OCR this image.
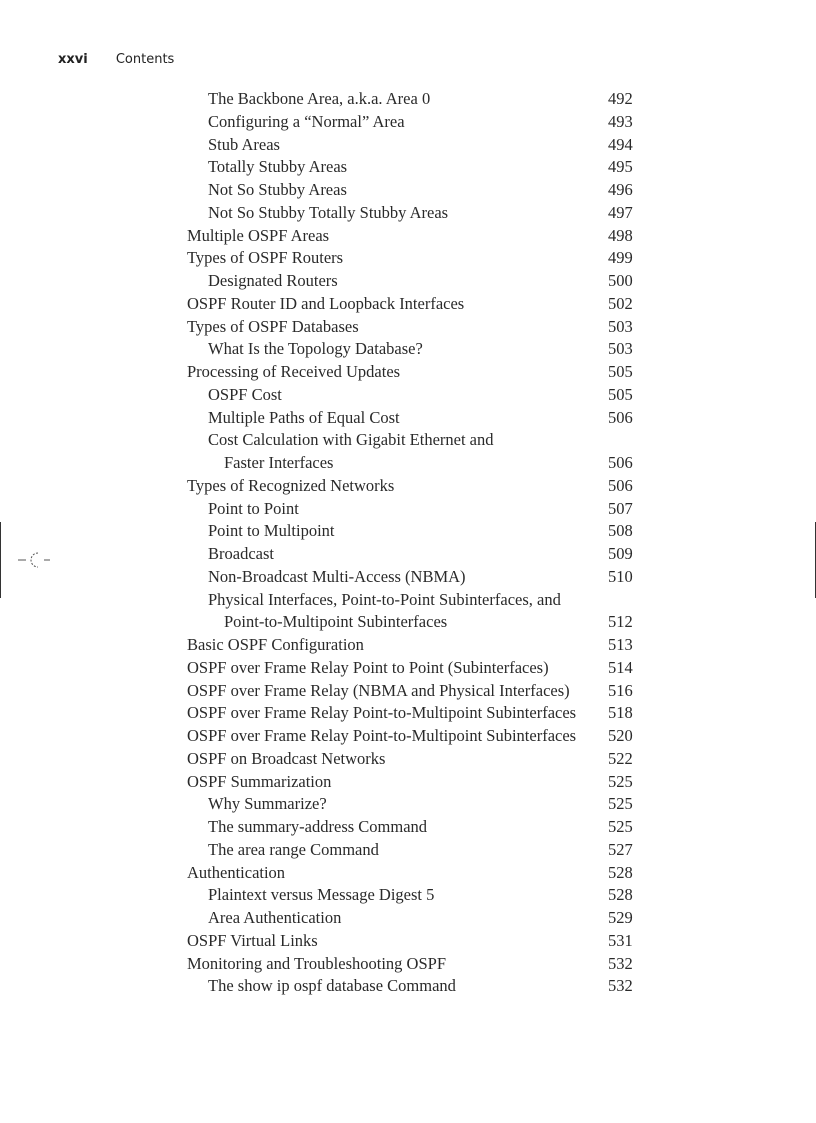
xxvi Contents
The Backbone Area, a.k.a. Area 0	492
Configuring a “Normal” Area	493
Stub Areas	494
Totally Stubby Areas	495
Not So Stubby Areas	496
Not So Stubby Totally Stubby Areas	497
Multiple OSPF Areas	498
Types of OSPF Routers	499
Designated Routers	500
OSPF Router ID and Loopback Interfaces	502
Types of OSPF Databases	503
What Is the Topology Database?	503
Processing of Received Updates	505
OSPF Cost	505
Multiple Paths of Equal Cost	506
Cost Calculation with Gigabit Ethernet and
Faster Interfaces	506
Types of Recognized Networks	506
Point to Point	507
Point to Multipoint	508
Broadcast	509
Non-Broadcast Multi-Access (NBMA)	510
Physical Interfaces, Point-to-Point Subinterfaces, and
Point-to-Multipoint Subinterfaces	512
Basic OSPF Configuration	513
OSPF over Frame Relay Point to Point (Subinterfaces)	514
OSPF over Frame Relay (NBMA and Physical Interfaces) 516
OSPF over Frame Relay Point-to-Multipoint Subinterfaces 518
OSPF over Frame Relay Point-to-Multipoint Subinterfaces 520
OSPF on Broadcast Networks	522
OSPF Summarization	525
Why Summarize?	525
The summary-address Command	525
The area range Command	527
Authentication	528
Plaintext versus Message Digest 5	528
Area Authentication	529
OSPF Virtual Links	531
Monitoring and Troubleshooting OSPF	532
The show ip ospf database Command	532
